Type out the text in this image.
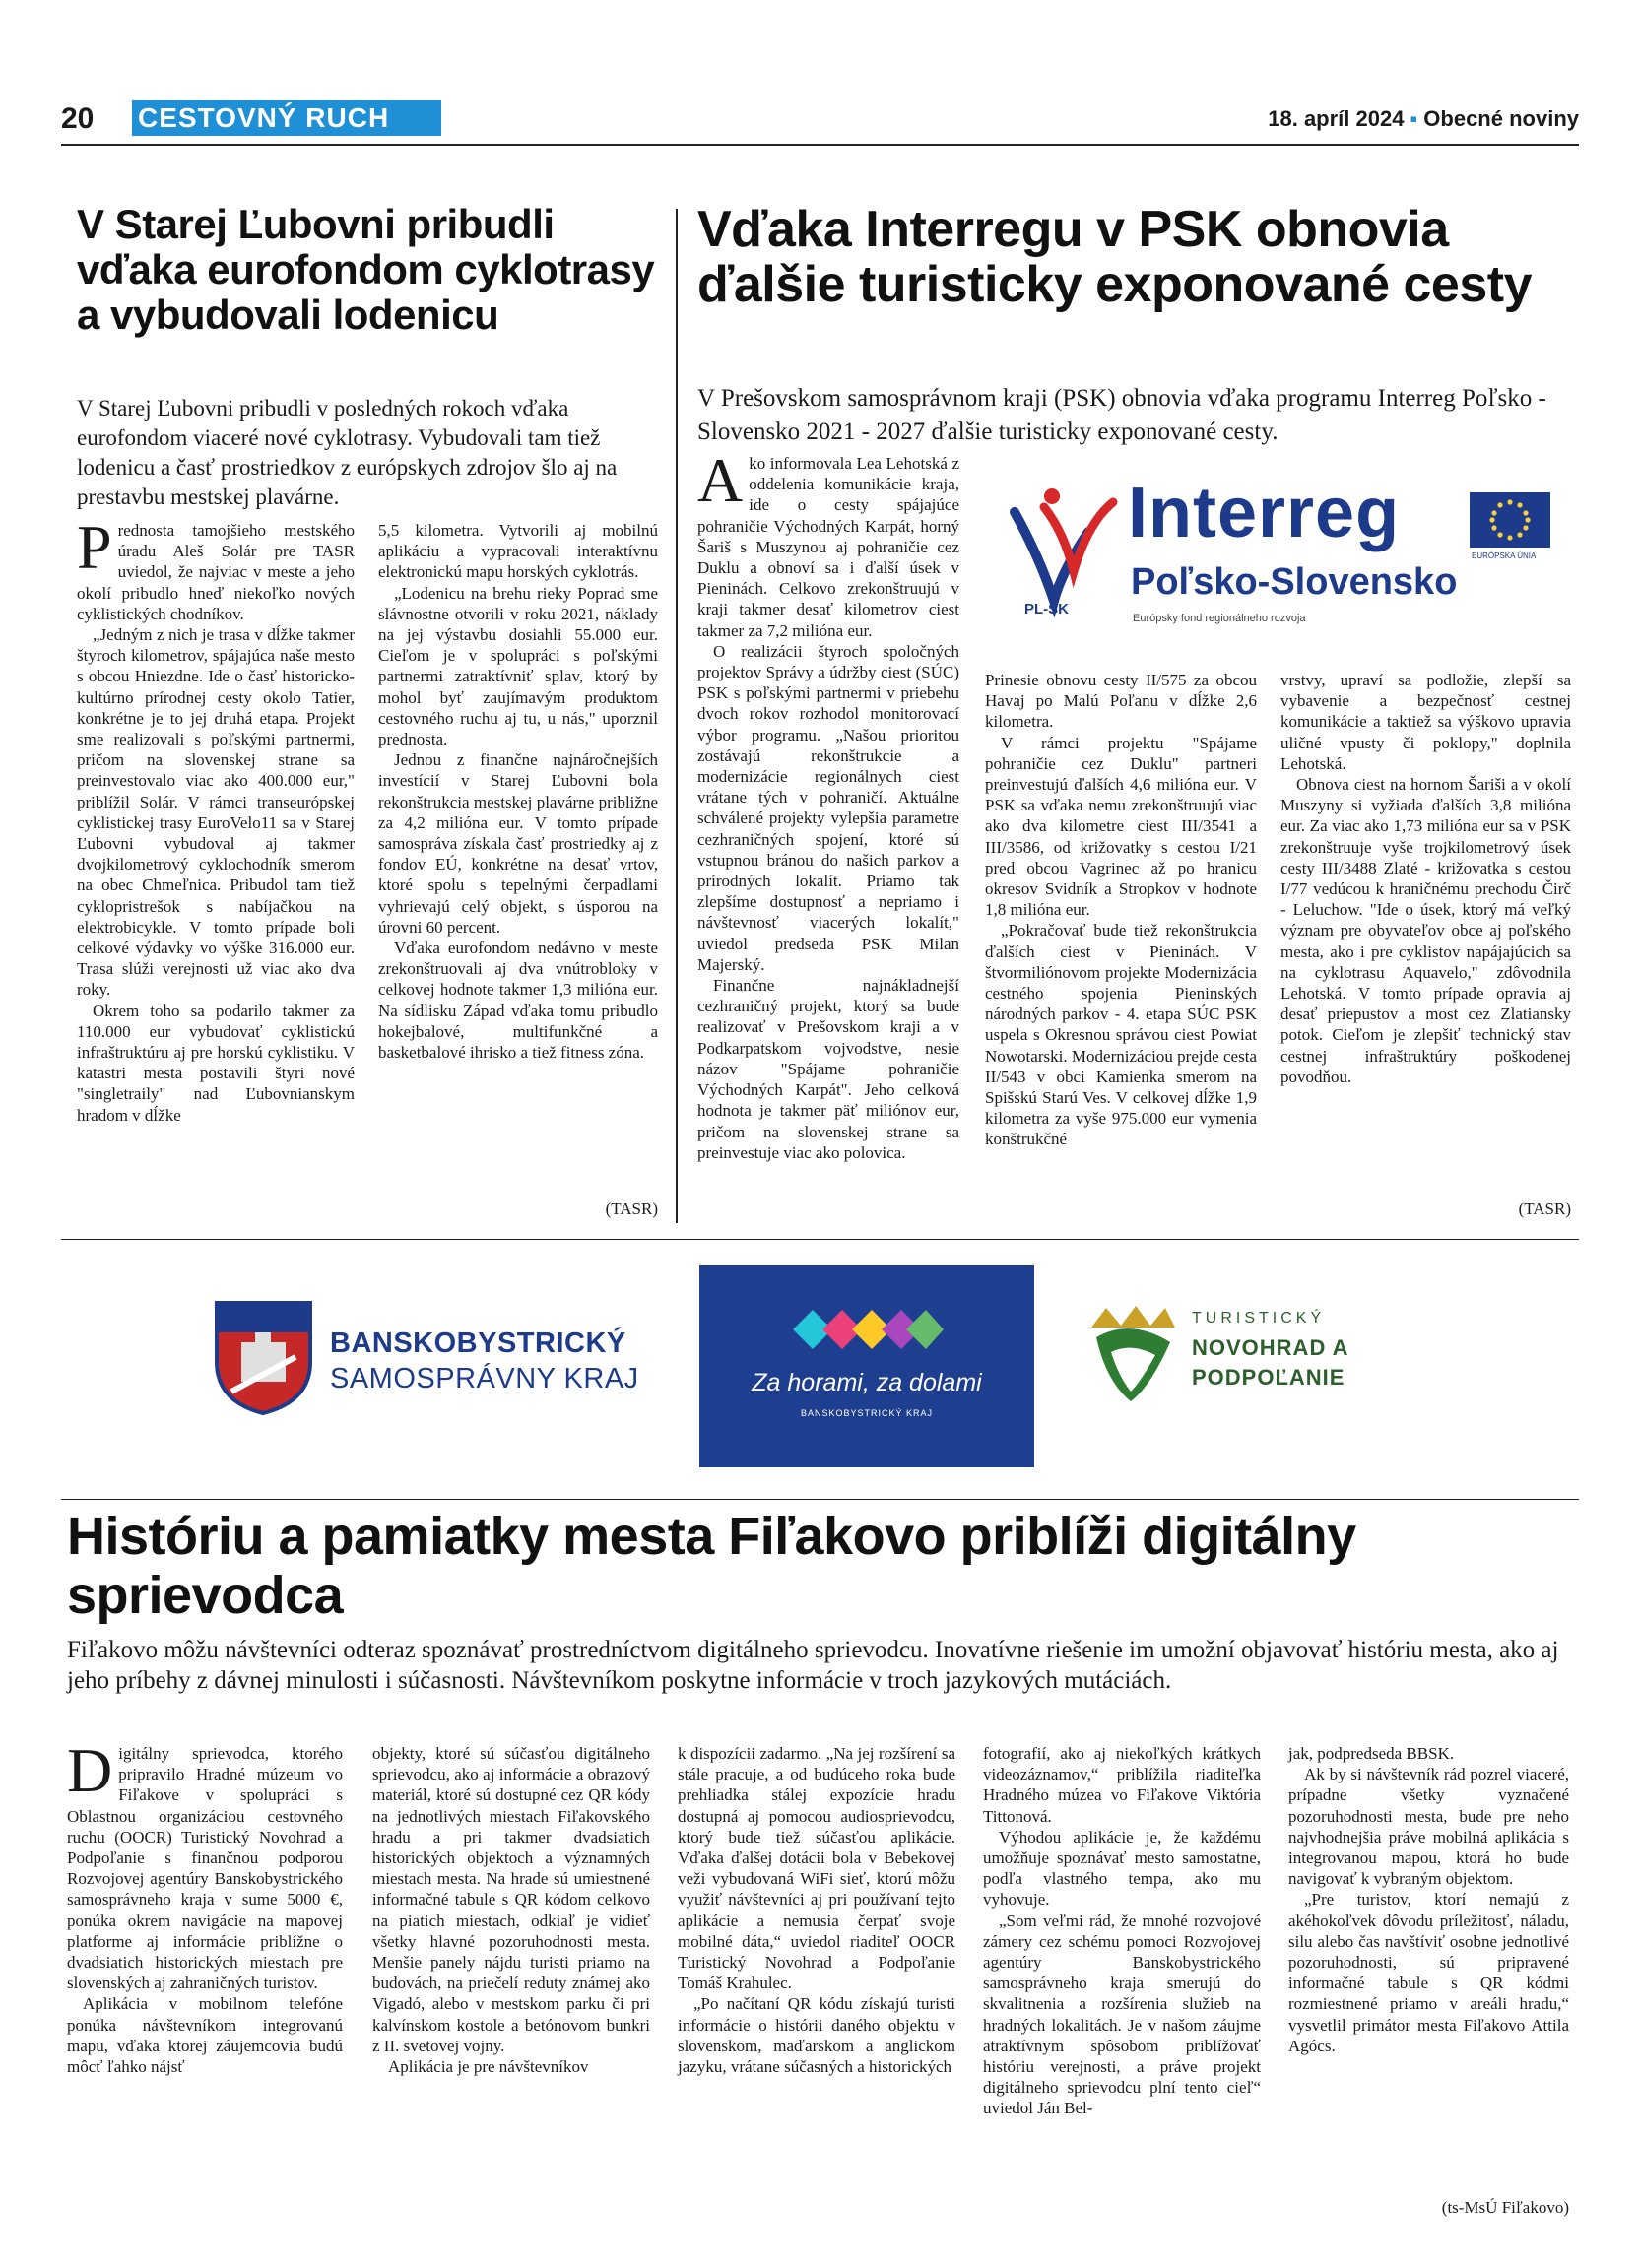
20 CESTOVNÝ RUCH	18. apríl 2024 ▪ Obecné noviny
V Starej Ľubovni pribudli vďaka eurofondom cyklotrasy a vybudovali lodenicu

V Starej Ľubovni pribudli v posledných rokoch vďaka eurofondom viaceré nové cyklotrasy. Vybudovali tam tiež lodenicu a časť prostriedkov z európskych zdrojov šlo aj na prestavbu mestskej plavárne.

Prednosta tamojšieho mestského úradu Aleš Solár pre TASR uviedol, že najviac v meste a jeho okolí pribudlo hneď niekoľko nových cyklistických chodníkov.

„Jedným z nich je trasa v dĺžke takmer štyroch kilometrov, spájajúca naše mesto s obcou Hniezdne. Ide o časť historicko-kultúrno prírodnej cesty okolo Tatier, konkrétne je to jej druhá etapa. Projekt sme realizovali s poľskými partnermi, pričom na slovenskej strane sa preinvestovalo viac ako 400.000 eur," priblížil Solár. V rámci transeurópskej cyklistickej trasy EuroVelo11 sa v Starej Ľubovni vybudoval aj takmer dvojkilometrový cyklochodník smerom na obec Chmeľnica. Pribudol tam tiež cyklopristrešok s nabíjačkou na elektrobicykle. V tomto prípade boli celkové výdavky vo výške 316.000 eur. Trasa slúži verejnosti už viac ako dva roky.

Okrem toho sa podarilo takmer za 110.000 eur vybudovať cyklistickú infraštruktúru aj pre horskú cyklistiku. V katastri mesta postavili štyri nové "singletraily" nad Ľubovnianskym hradom v dĺžke

5,5 kilometra. Vytvorili aj mobilnú aplikáciu a vypracovali interaktívnu elektronickú mapu horských cyklotrás.

„Lodenicu na brehu rieky Poprad sme slávnostne otvorili v roku 2021, náklady na jej výstavbu dosiahli 55.000 eur. Cieľom je v spolupráci s poľskými partnermi zatraktívniť splav, ktorý by mohol byť zaujímavým produktom cestovného ruchu aj tu, u nás," uporznil prednosta.

Jednou z finančne najnáročnejších investícií v Starej Ľubovni bola rekonštrukcia mestskej plavárne približne za 4,2 milióna eur. V tomto prípade samospráva získala časť prostriedky aj z fondov EÚ, konkrétne na desať vrtov, ktoré spolu s tepelnými čerpadlami vyhrievajú celý objekt, s úsporou na úrovni 60 percent.

Vďaka eurofondom nedávno v meste zrekonštruovali aj dva vnútrobloky v celkovej hodnote takmer 1,3 milióna eur. Na sídlisku Západ vďaka tomu pribudlo hokejbalové, multifunkčné a basketbalové ihrisko a tiež fitness zóna.

(TASR)
Vďaka Interregu v PSK obnovia ďalšie turisticky exponované cesty

V Prešovskom samosprávnom kraji (PSK) obnovia vďaka programu Interreg Poľsko - Slovensko 2021 - 2027 ďalšie turisticky exponované cesty.

Ako informovala Lea Lehotská z oddelenia komunikácie kraja, ide o cesty spájajúce pohraničie Východných Karpát, horný Šariš s Muszynou aj pohraničie cez Duklu a obnoví sa i ďalší úsek v Pieninách. Celkovo zrekonštruujú v kraji takmer desať kilometrov ciest takmer za 7,2 milióna eur.

O realizácii štyroch spoločných projektov Správy a údržby ciest (SÚC) PSK s poľskými partnermi v priebehu dvoch rokov rozhodol monitorovací výbor programu. „Našou prioritou zostávajú rekonštrukcie a modernizácie regionálnych ciest vrátane tých v pohraničí. Aktuálne schválené projekty vylepšia parametre cezhraničných spojení, ktoré sú vstupnou bránou do našich parkov a prírodných lokalít. Priamo tak zlepšíme dostupnosť a nepriamo i návštevnosť viacerých lokalít," uviedol predseda PSK Milan Majerský.

Finančne najnákladnejší cezhraničný projekt, ktorý sa bude realizovať v Prešovskom kraji a v Podkarpatskom vojvodstve, nesie názov "Spájame pohraničie Východných Karpát". Jeho celková hodnota je takmer päť miliónov eur, pričom na slovenskej strane sa preinvestuje viac ako polovica.

PL-SK
Interreg
Poľsko-Slovensko
Európsky fond regionálneho rozvoja
EURÓPSKA ÚNIA

Prinesie obnovu cesty II/575 za obcou Havaj po Malú Poľanu v dĺžke 2,6 kilometra.

V rámci projektu "Spájame pohraničie cez Duklu" partneri preinvestujú ďalších 4,6 milióna eur. V PSK sa vďaka nemu zrekonštruujú viac ako dva kilometre ciest III/3541 a III/3586, od križovatky s cestou I/21 pred obcou Vagrinec až po hranicu okresov Svidník a Stropkov v hodnote 1,8 milióna eur.

„Pokračovať bude tiež rekonštrukcia ďalších ciest v Pieninách. V štvormiliónovom projekte Modernizácia cestného spojenia Pieninských národných parkov - 4. etapa SÚC PSK uspela s Okresnou správou ciest Powiat Nowotarski. Modernizáciou prejde cesta II/543 v obci Kamienka smerom na Spišskú Starú Ves. V celkovej dĺžke 1,9 kilometra za vyše 975.000 eur vymenia konštrukčné

vrstvy, upraví sa podložie, zlepší sa vybavenie a bezpečnosť cestnej komunikácie a taktiež sa výškovo upravia uličné vpusty či poklopy," doplnila Lehotská.

Obnova ciest na hornom Šariši a v okolí Muszyny si vyžiada ďalších 3,8 milióna eur. Za viac ako 1,73 milióna eur sa v PSK zrekonštruuje vyše trojkilometrový úsek cesty III/3488 Zlaté - križovatka s cestou I/77 vedúcou k hraničnému prechodu Čirč - Leluchow. "Ide o úsek, ktorý má veľký význam pre obyvateľov obce aj poľského mesta, ako i pre cyklistov napájajúcich sa na cyklotrasu Aquavelo," zdôvodnila Lehotská. V tomto prípade opravia aj desať priepustov a most cez Zlatiansky potok. Cieľom je zlepšiť technický stav cestnej infraštruktúry poškodenej povodňou.

(TASR)
BANSKOBYSTRICKÝ
SAMOSPRÁVNY KRAJ	Za horami, za dolami
BANSKOBYSTRICKÝ KRAJ
TURISTICKÝ
NOVOHRAD A
PODPOĽANIE
Históriu a pamiatky mesta Fiľakovo priblíži digitálny sprievodca

Fiľakovo môžu návštevníci odteraz spoznávať prostredníctvom digitálneho sprievodcu. Inovatívne riešenie im umožní objavovať históriu mesta, ako aj jeho príbehy z dávnej minulosti i súčasnosti. Návštevníkom poskytne informácie v troch jazykových mutáciách.

Digitálny sprievodca, ktorého pripravilo Hradné múzeum vo Fiľakove v spolupráci s Oblastnou organizáciou cestovného ruchu (OOCR) Turistický Novohrad a Podpoľanie s finančnou podporou Rozvojovej agentúry Banskobystrického samosprávneho kraja v sume 5000 €, ponúka okrem navigácie na mapovej platforme aj informácie priblížne o dvadsiatich historických miestach pre slovenských aj zahraničných turistov.

Aplikácia v mobilnom telefóne ponúka návštevníkom integrovanú mapu, vďaka ktorej záujemcovia budú môcť ľahko nájsť

objekty, ktoré sú súčasťou digitálneho sprievodcu, ako aj informácie a obrazový materiál, ktoré sú dostupné cez QR kódy na jednotlivých miestach Fiľakovského hradu a pri takmer dvadsiatich historických objektoch a významných miestach mesta. Na hrade sú umiestnené informačné tabule s QR kódom celkovo na piatich miestach, odkiaľ je vidieť všetky hlavné pozoruhodnosti mesta. Menšie panely nájdu turisti priamo na budovách, na priečelí reduty známej ako Vigadó, alebo v mestskom parku či pri kalvínskom kostole a betónovom bunkri z II. svetovej vojny.

Aplikácia je pre návštevníkov

k dispozícii zadarmo. „Na jej rozšírení sa stále pracuje, a od budúceho roka bude prehliadka stálej expozície hradu dostupná aj pomocou audiosprievodcu, ktorý bude tiež súčasťou aplikácie. Vďaka ďalšej dotácii bola v Bebekovej veži vybudovaná WiFi sieť, ktorú môžu využiť návštevníci aj pri používaní tejto aplikácie a nemusia čerpať svoje mobilné dáta,“ uviedol riaditeľ OOCR Turistický Novohrad a Podpoľanie Tomáš Krahulec.

„Po načítaní QR kódu získajú turisti informácie o histórii daného objektu v slovenskom, maďarskom a anglickom jazyku, vrátane súčasných a historických

fotografií, ako aj niekoľkých krátkych videozáznamov,“ priblížila riaditeľka Hradného múzea vo Fiľakove Viktória Tittonová.

Výhodou aplikácie je, že každému umožňuje spoznávať mesto samostatne, podľa vlastného tempa, ako mu vyhovuje.

„Som veľmi rád, že mnohé rozvojové zámery cez schému pomoci Rozvojovej agentúry Banskobystrického samosprávneho kraja smerujú do skvalitnenia a rozšírenia služieb na hradných lokalitách. Je v našom záujme atraktívnym spôsobom priblížovať históriu verejnosti, a práve projekt digitálneho sprievodcu plní tento cieľ“ uviedol Ján Bel-

jak, podpredseda BBSK.

Ak by si návštevník rád pozrel viaceré, prípadne všetky vyznačené pozoruhodnosti mesta, bude pre neho najvhodnejšia práve mobilná aplikácia s integrovanou mapou, ktorá ho bude navigovať k vybraným objektom.

„Pre turistov, ktorí nemajú z akéhokoľvek dôvodu príležitosť, náladu, silu alebo čas navštíviť osobne jednotlivé pozoruhodnosti, sú pripravené informačné tabule s QR kódmi rozmiestnené priamo v areáli hradu,“ vysvetlil primátor mesta Fiľakovo Attila Agócs.

(ts-MsÚ Fiľakovo)
